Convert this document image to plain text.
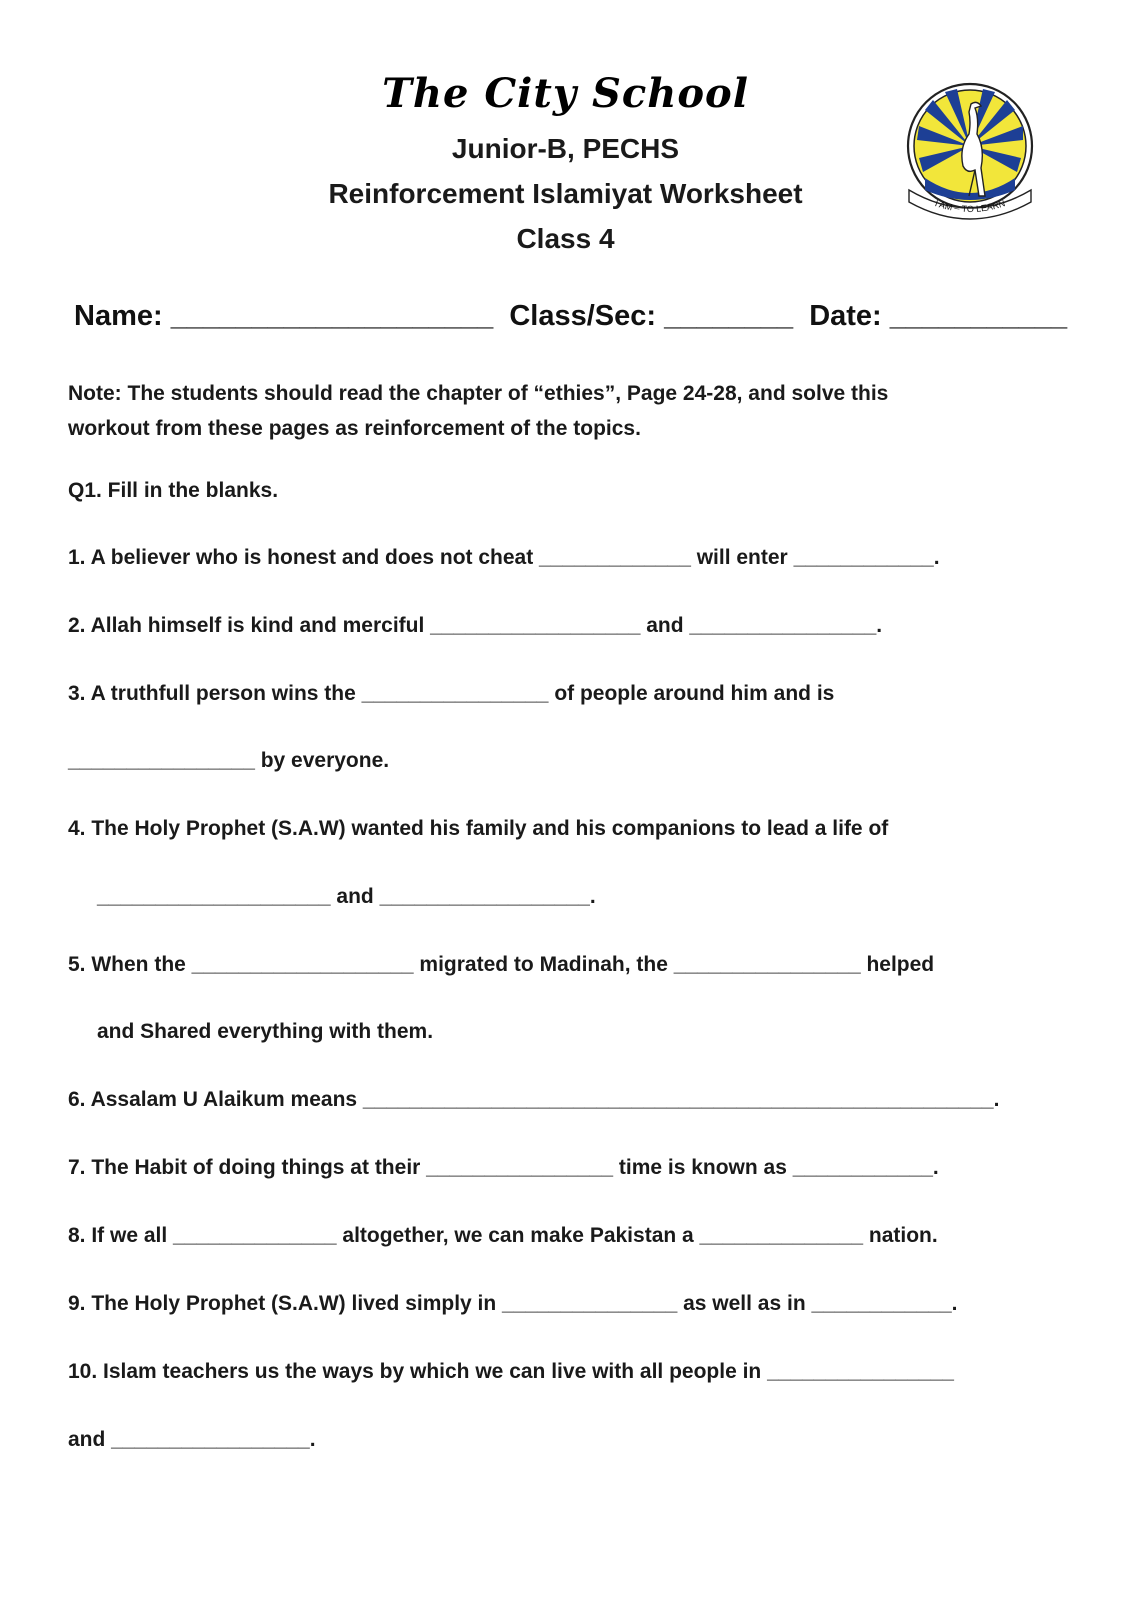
The City School
Junior-B, PECHS
Reinforcement Islamiyat Worksheet
Class 4
I AM – TO LEARN
Name: ____________________ Class/Sec: ________ Date: ___________
Note: The students should read the chapter of “ethies”, Page 24-28, and solve this
workout from these pages as reinforcement of the topics.
Q1. Fill in the blanks.
1. A believer who is honest and does not cheat _____________ will enter ____________.
2. Allah himself is kind and merciful __________________ and ________________.
3. A truthfull person wins the ________________ of people around him and is
________________ by everyone.
4. The Holy Prophet (S.A.W) wanted his family and his companions to lead a life of
____________________ and __________________.
5. When the ___________________ migrated to Madinah, the ________________ helped
and Shared everything with them.
6. Assalam U Alaikum means ______________________________________________________.
7. The Habit of doing things at their ________________ time is known as ____________.
8. If we all ______________ altogether, we can make Pakistan a ______________ nation.
9. The Holy Prophet (S.A.W) lived simply in _______________ as well as in ____________.
10. Islam teachers us the ways by which we can live with all people in ________________
and _________________.
